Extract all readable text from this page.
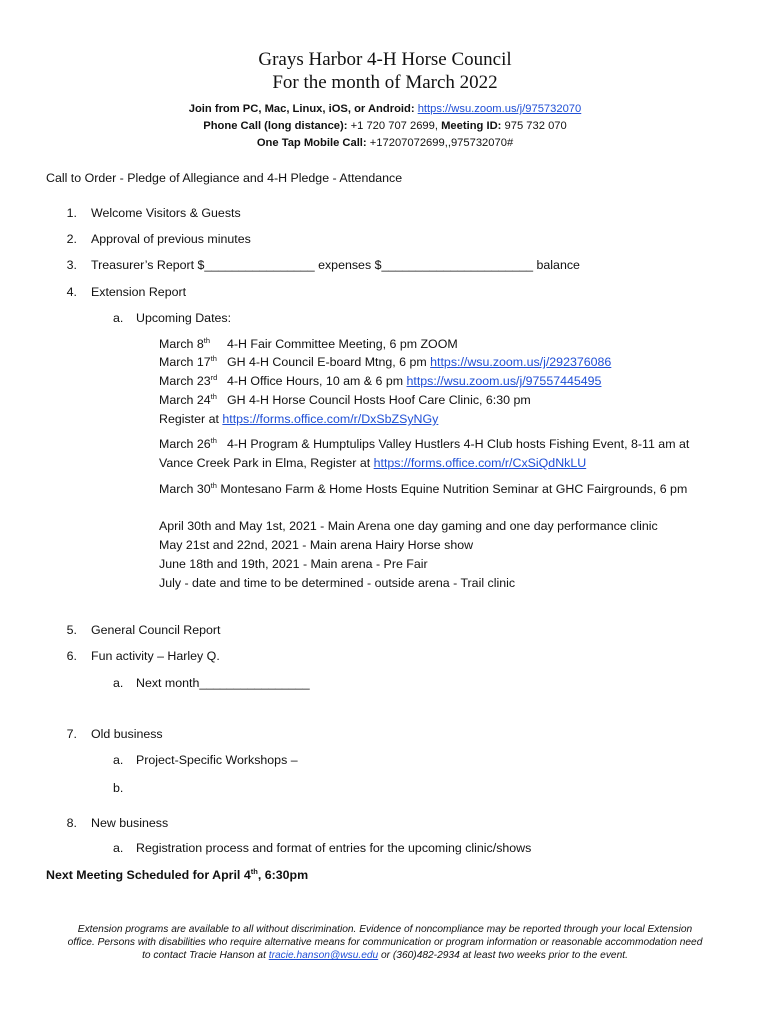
Grays Harbor 4-H Horse Council
For the month of March 2022
Join from PC, Mac, Linux, iOS, or Android: https://wsu.zoom.us/j/975732070
Phone Call (long distance): +1 720 707 2699, Meeting ID: 975 732 070
One Tap Mobile Call: +17207072699,,975732070#
Call to Order - Pledge of Allegiance and 4-H Pledge - Attendance
1. Welcome Visitors & Guests
2. Approval of previous minutes
3. Treasurer’s Report $________________ expenses $______________________ balance
4. Extension Report
a. Upcoming Dates:
March 8th 4-H Fair Committee Meeting, 6 pm ZOOM
March 17th GH 4-H Council E-board Mtng, 6 pm https://wsu.zoom.us/j/292376086
March 23rd 4-H Office Hours, 10 am & 6 pm https://wsu.zoom.us/j/97557445495
March 24th GH 4-H Horse Council Hosts Hoof Care Clinic, 6:30 pm
Register at https://forms.office.com/r/DxSbZSyNGy
March 26th 4-H Program & Humptulips Valley Hustlers 4-H Club hosts Fishing Event, 8-11 am at
Vance Creek Park in Elma, Register at https://forms.office.com/r/CxSiQdNkLU
March 30th Montesano Farm & Home Hosts Equine Nutrition Seminar at GHC Fairgrounds, 6 pm
April 30th and May 1st, 2021 - Main Arena one day gaming and one day performance clinic
May 21st and 22nd, 2021 - Main arena Hairy Horse show
June 18th and 19th, 2021 - Main arena - Pre Fair
July - date and time to be determined - outside arena - Trail clinic
5. General Council Report
6. Fun activity – Harley Q.
a. Next month________________
7. Old business
a. Project-Specific Workshops –
b.
8. New business
a. Registration process and format of entries for the upcoming clinic/shows
Next Meeting Scheduled for April 4th, 6:30pm
Extension programs are available to all without discrimination. Evidence of noncompliance may be reported through your local Extension
office. Persons with disabilities who require alternative means for communication or program information or reasonable accommodation need
to contact Tracie Hanson at tracie.hanson@wsu.edu or (360)482-2934 at least two weeks prior to the event.
